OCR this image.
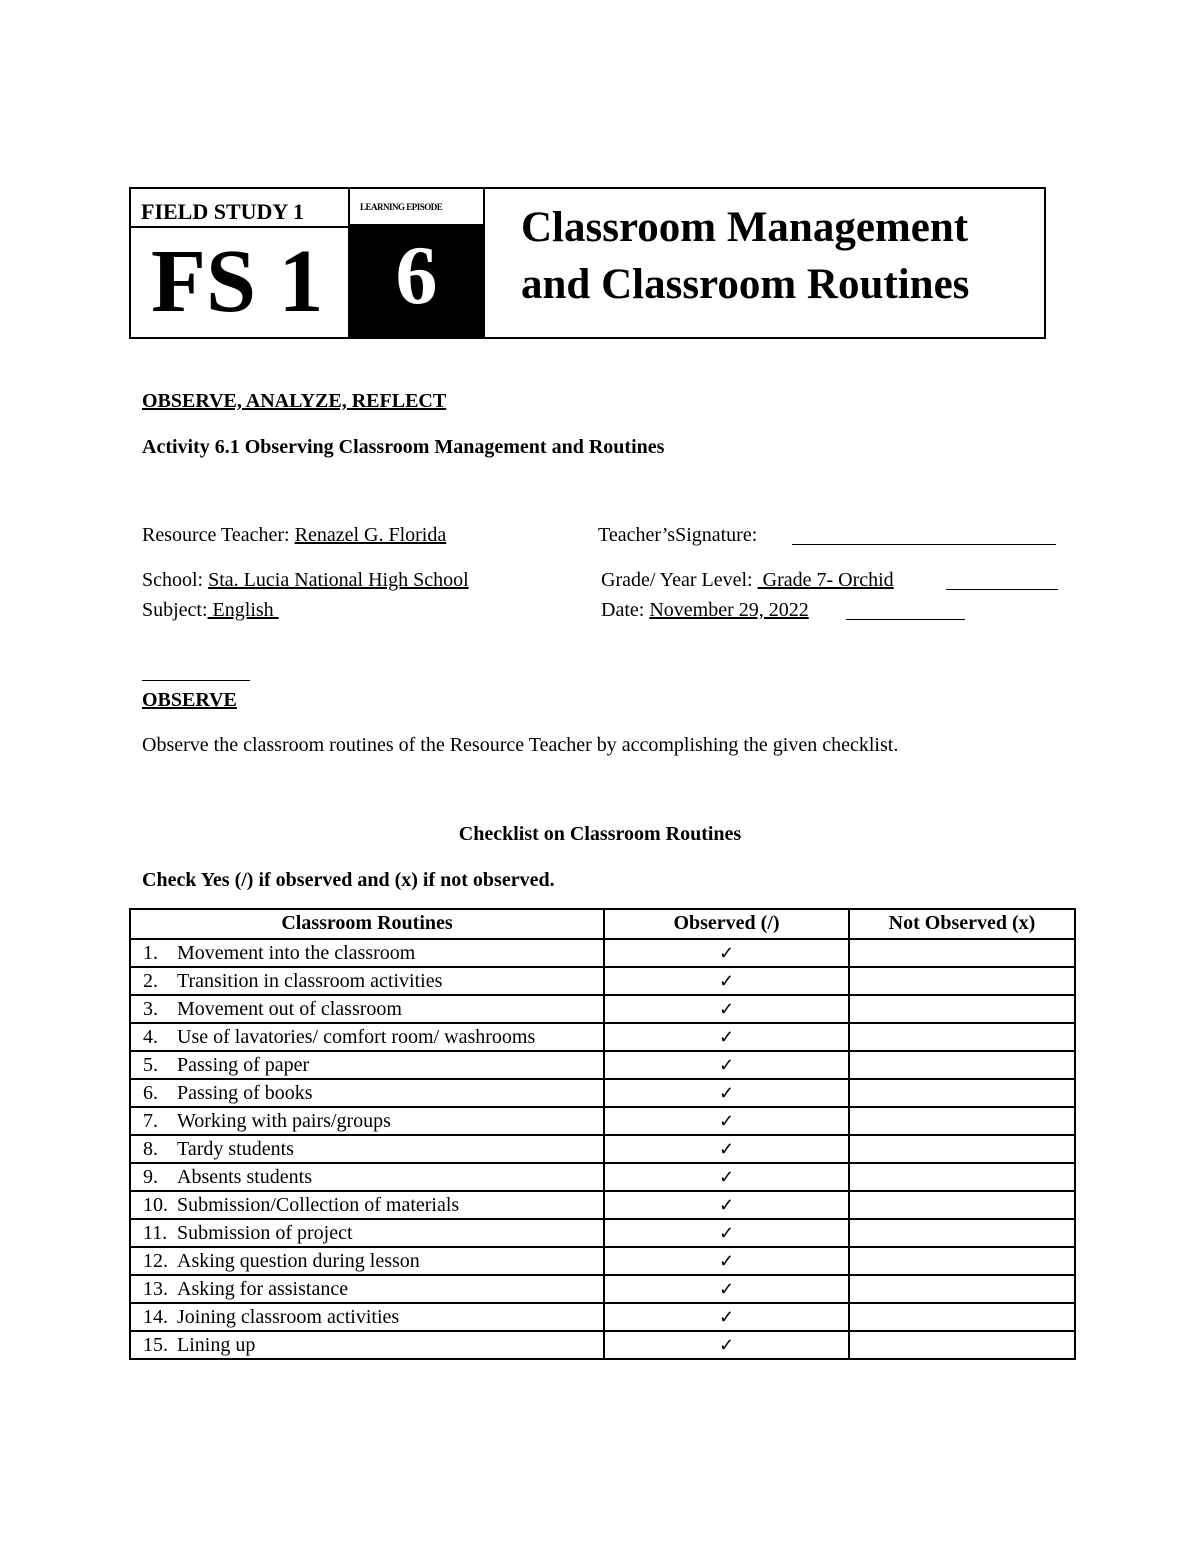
FIELD STUDY 1
FS 1
LEARNING EPISODE
6
Classroom Management
and Classroom Routines
OBSERVE, ANALYZE, REFLECT
Activity 6.1 Observing Classroom Management and Routines
Resource Teacher: Renazel G. Florida	Teacher’sSignature:
School: Sta. Lucia National High School	Grade/ Year Level:  Grade 7- Orchid
Subject: English	Date: November 29, 2022
OBSERVE
Observe the classroom routines of the Resource Teacher by accomplishing the given checklist.
Checklist on Classroom Routines
Check Yes (/) if observed and (x) if not observed.
Classroom Routines	Observed (/)	Not Observed (x)

1. Movement into the classroom	✓	

2. Transition in classroom activities	✓	

3. Movement out of classroom	✓	

4. Use of lavatories/ comfort room/ washrooms	✓	

5. Passing of paper	✓	

6. Passing of books	✓	

7. Working with pairs/groups	✓	

8. Tardy students	✓	

9. Absents students	✓	

10. Submission/Collection of materials	✓	

11. Submission of project	✓	

12. Asking question during lesson	✓	

13. Asking for assistance	✓	

14. Joining classroom activities	✓	

15. Lining up	✓	
